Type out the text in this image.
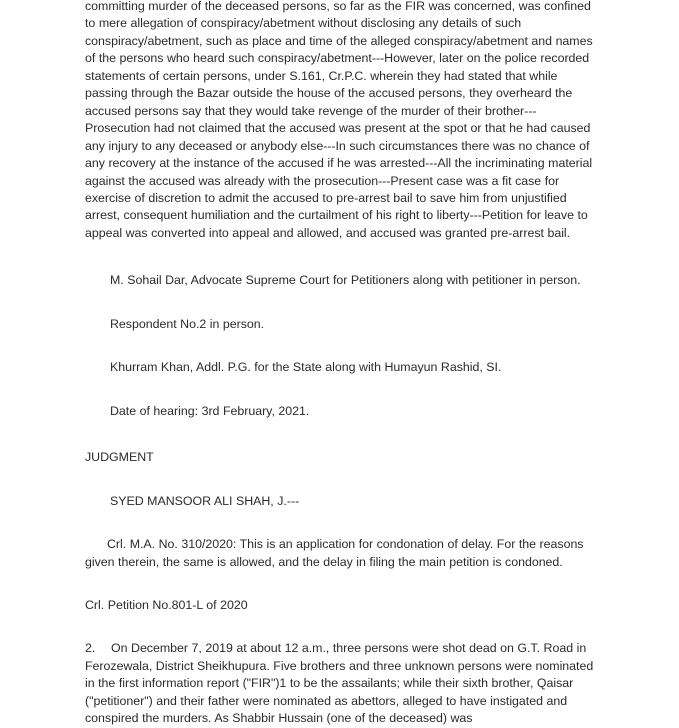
committing murder of the deceased persons, so far as the FIR was concerned, was confined to mere allegation of conspiracy/abetment without disclosing any details of such conspiracy/abetment, such as place and time of the alleged conspiracy/abetment and names of the persons who heard such conspiracy/abetment---However, later on the police recorded statements of certain persons, under S.161, Cr.P.C. wherein they had stated that while passing through the Bazar outside the house of the accused persons, they overheard the accused persons say that they would take revenge of the murder of their brother---Prosecution had not claimed that the accused was present at the spot or that he had caused any injury to any deceased or anybody else---In such circumstances there was no chance of any recovery at the instance of the accused if he was arrested---All the incriminating material against the accused was already with the prosecution---Present case was a fit case for exercise of discretion to admit the accused to pre-arrest bail to save him from unjustified arrest, consequent humiliation and the curtailment of his right to liberty---Petition for leave to appeal was converted into appeal and allowed, and accused was granted pre-arrest bail.

M. Sohail Dar, Advocate Supreme Court for Petitioners along with petitioner in person.

Respondent No.2 in person.

Khurram Khan, Addl. P.G. for the State along with Humayun Rashid, SI.

Date of hearing: 3rd February, 2021.

JUDGMENT

SYED MANSOOR ALI SHAH, J.---

Crl. M.A. No. 310/2020: This is an application for condonation of delay. For the reasons given therein, the same is allowed, and the delay in filing the main petition is condoned.

Crl. Petition No.801-L of 2020

2. On December 7, 2019 at about 12 a.m., three persons were shot dead on G.T. Road in Ferozewala, District Sheikhupura. Five brothers and three unknown persons were nominated in the first information report ("FIR")1 to be the assailants; while their sixth brother, Qaisar ("petitioner") and their father were nominated as abettors, alleged to have instigated and conspired the murders. As Shabbir Hussain (one of the deceased) was
